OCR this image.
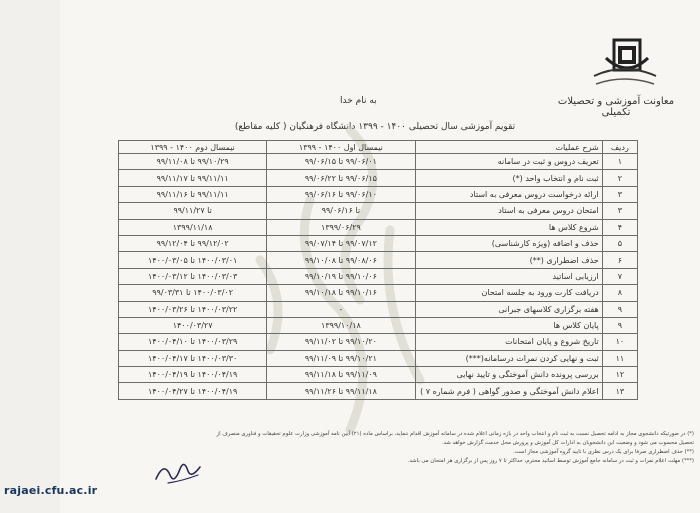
معاونت آموزشی و تحصیلات تکمیلی
به نام خدا
تقویم آموزشی سال تحصیلی ۱۴۰۰ - ۱۳۹۹ دانشگاه فرهنگیان ( کلیه مقاطع)
ردیف	شرح عملیات	نیمسال اول ۱۴۰۰ - ۱۳۹۹	نیمسال دوم ۱۴۰۰ - ۱۳۹۹
۱	تعریف دروس و ثبت در سامانه	۹۹/۰۶/۰۱ تا ۹۹/۰۶/۱۵	۹۹/۱۰/۲۹ تا ۹۹/۱۱/۰۸
۲	ثبت نام و انتخاب واحد (*)	۹۹/۰۶/۱۵ تا ۹۹/۰۶/۲۲	۹۹/۱۱/۱۱ تا ۹۹/۱۱/۱۷
۳	ارائه درخواست دروس معرفی به استاد	۹۹/۰۶/۱۰ تا ۹۹/۰۶/۱۶	۹۹/۱۱/۱۱ تا ۹۹/۱۱/۱۶
۳	امتحان دروس معرفی به استاد	تا ۹۹/۰۶/۱۶	تا ۹۹/۱۱/۲۷
۴	شروع کلاس ها	۱۳۹۹/۰۶/۲۹	۱۳۹۹/۱۱/۱۸
۵	حذف و اضافه (ویژه کارشناسی)	۹۹/۰۷/۱۲ تا ۹۹/۰۷/۱۴	۹۹/۱۲/۰۲ تا ۹۹/۱۲/۰۴
۶	حذف اضطراری (**)	۹۹/۰۸/۰۶ تا ۹۹/۱۰/۰۸	۱۴۰۰/۰۳/۰۱ تا ۱۴۰۰/۰۳/۰۵
۷	ارزیابی اساتید	۹۹/۱۰/۰۶ تا ۹۹/۱۰/۱۹	۱۴۰۰/۰۳/۰۳ تا ۱۴۰۰/۰۳/۱۲
۸	دریافت کارت ورود به جلسه امتحان	۹۹/۱۰/۱۶ تا ۹۹/۱۰/۱۸	۱۴۰۰/۰۳/۰۲ تا ۹۹/۰۳/۳۱
۹	هفته برگزاری کلاسهای جبرانی	-	۱۴۰۰/۰۳/۲۲ تا ۱۴۰۰/۰۳/۲۶
۹	پایان کلاس ها	۱۳۹۹/۱۰/۱۸	۱۴۰۰/۰۳/۲۷
۱۰	تاریخ شروع و پایان امتحانات	۹۹/۱۰/۲۰ تا ۹۹/۱۱/۰۲	۱۴۰۰/۰۳/۲۹ تا ۱۴۰۰/۰۴/۱۰
۱۱	ثبت و نهایی کردن نمرات درسامانه(***)	۹۹/۱۰/۲۱ تا ۹۹/۱۱/۰۹	۱۴۰۰/۰۳/۳۰ تا ۱۴۰۰/۰۴/۱۷
۱۲	بررسی پرونده دانش آموختگی و تایید نهایی	۹۹/۱۱/۰۹ تا ۹۹/۱۱/۱۸	۱۴۰۰/۰۴/۱۹ تا ۱۴۰۰/۰۴/۱۹
۱۳	اعلام دانش آموختگی و صدور گواهی ( فرم شماره ۷ )	۹۹/۱۱/۱۸ تا ۹۹/۱۱/۲۶	۱۴۰۰/۰۴/۱۹ تا ۱۴۰۰/۰۴/۲۷

(*) در صورتیکه دانشجوی مجاز به ادامه تحصیل نسبت به ثبت نام و انتخاب واحد در بازه زمانی اعلام شده در سامانه آموزش اقدام ننماید، براساس ماده (۲۱) آیین نامه آموزشی وزارت علوم تحقیقات و فناوری منصرف از تحصیل محسوب می شود و وضعیت این دانشجویان به ادارات کل آموزش و پرورش محل خدمت گزارش خواهد شد.

(**) حذف اضطراری صرفا برای یک درس نظری با تایید گروه آموزشی مجاز است.

(***) مهلت اعلام نمرات و ثبت در سامانه جامع آموزش توسط اساتید محترم، حداکثر تا ۷ روز پس از برگزاری هر امتحان می باشد.

rajaei.cfu.ac.ir
